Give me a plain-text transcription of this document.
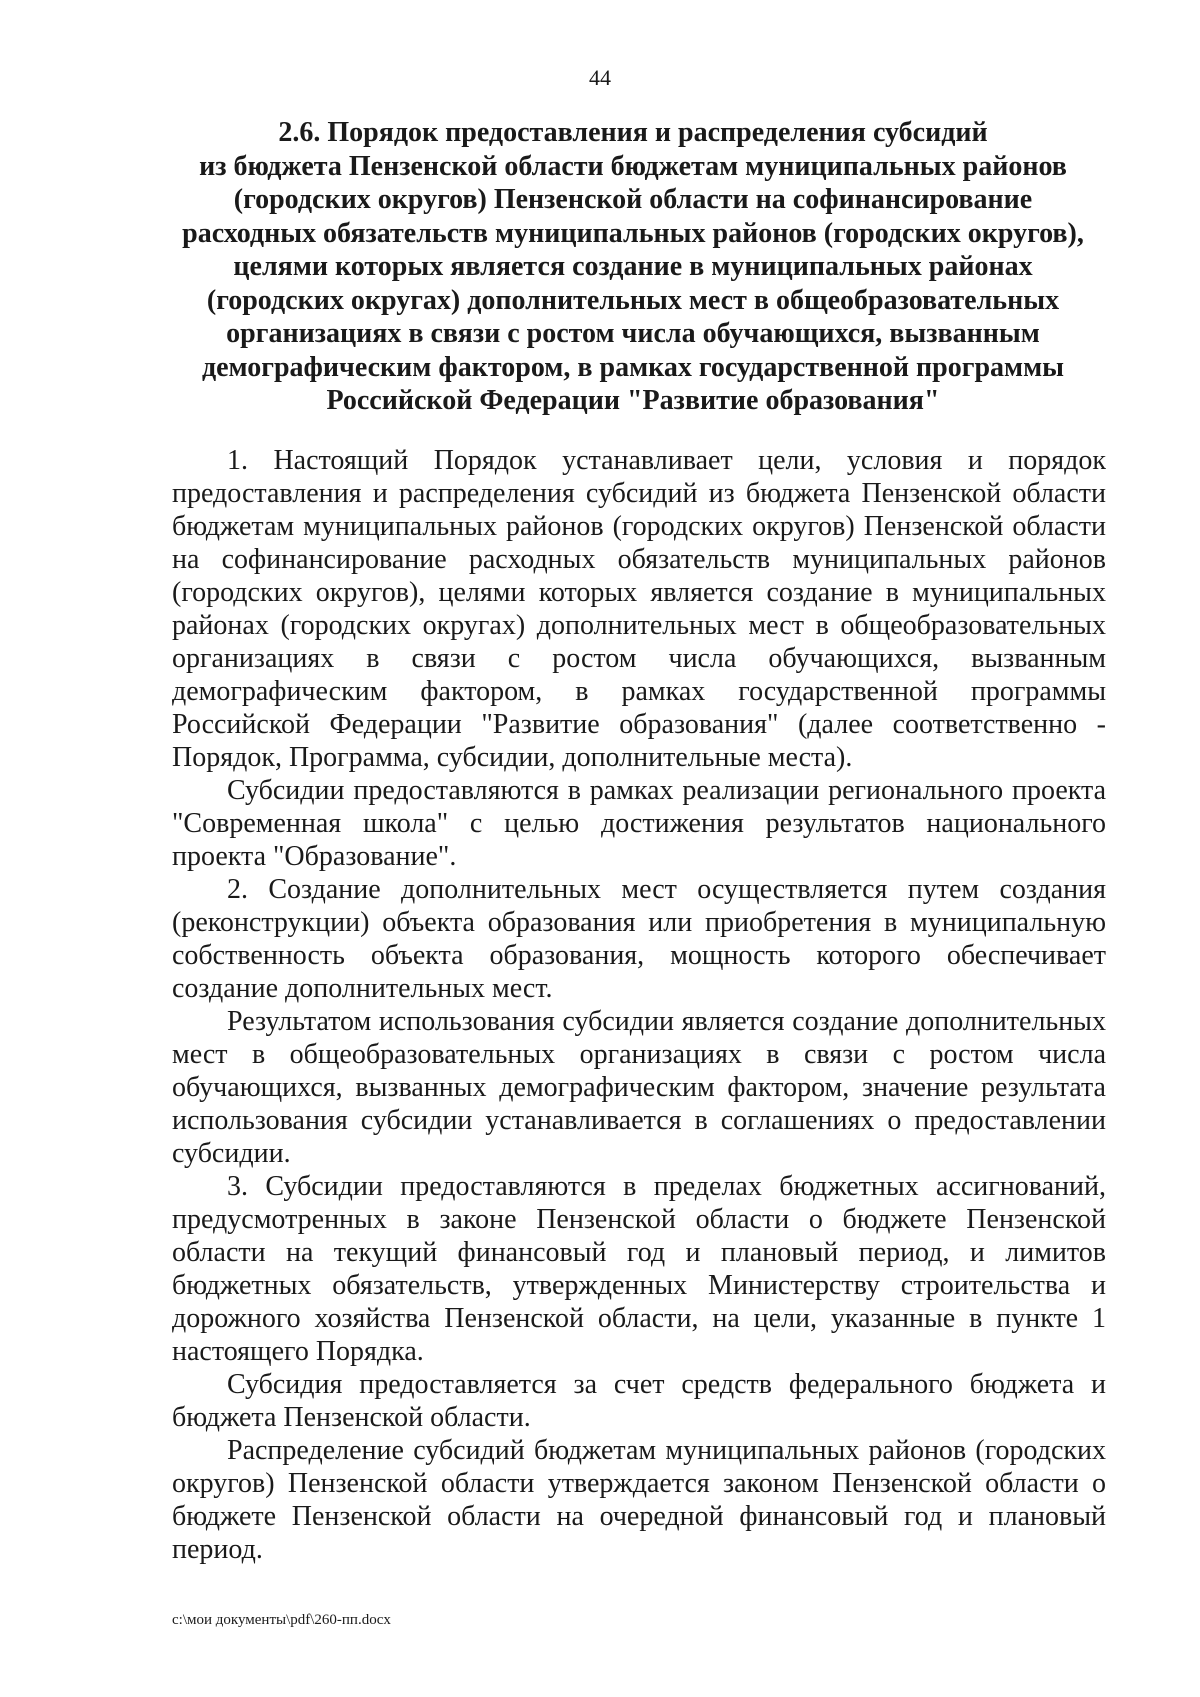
44
2.6. Порядок предоставления и распределения субсидий
из бюджета Пензенской области бюджетам муниципальных районов
(городских округов) Пензенской области на софинансирование
расходных обязательств муниципальных районов (городских округов),
целями которых является создание в муниципальных районах
(городских округах) дополнительных мест в общеобразовательных
организациях в связи с ростом числа обучающихся, вызванным
демографическим фактором, в рамках государственной программы
Российской Федерации "Развитие образования"

1. Настоящий Порядок устанавливает цели, условия и порядок предоставления и распределения субсидий из бюджета Пензенской области бюджетам муниципальных районов (городских округов) Пензенской области на софинансирование расходных обязательств муниципальных районов (городских округов), целями которых является создание в муниципальных районах (городских округах) дополнительных мест в общеобразовательных организациях в связи с ростом числа обучающихся, вызванным демографическим фактором, в рамках государственной программы Российской Федерации "Развитие образования" (далее соответственно - Порядок, Программа, субсидии, дополнительные места).

Субсидии предоставляются в рамках реализации регионального проекта "Современная школа" с целью достижения результатов национального проекта "Образование".

2. Создание дополнительных мест осуществляется путем создания (реконструкции) объекта образования или приобретения в муниципальную собственность объекта образования, мощность которого обеспечивает создание дополнительных мест.

Результатом использования субсидии является создание дополнительных мест в общеобразовательных организациях в связи с ростом числа обучающихся, вызванных демографическим фактором, значение результата использования субсидии устанавливается в соглашениях о предоставлении субсидии.

3. Субсидии предоставляются в пределах бюджетных ассигнований, предусмотренных в законе Пензенской области о бюджете Пензенской области на текущий финансовый год и плановый период, и лимитов бюджетных обязательств, утвержденных Министерству строительства и дорожного хозяйства Пензенской области, на цели, указанные в пункте 1 настоящего Порядка.

Субсидия предоставляется за счет средств федерального бюджета и бюджета Пензенской области.

Распределение субсидий бюджетам муниципальных районов (городских округов) Пензенской области утверждается законом Пензенской области о бюджете Пензенской области на очередной финансовый год и плановый период.

c:\мои документы\pdf\260-пп.docx
